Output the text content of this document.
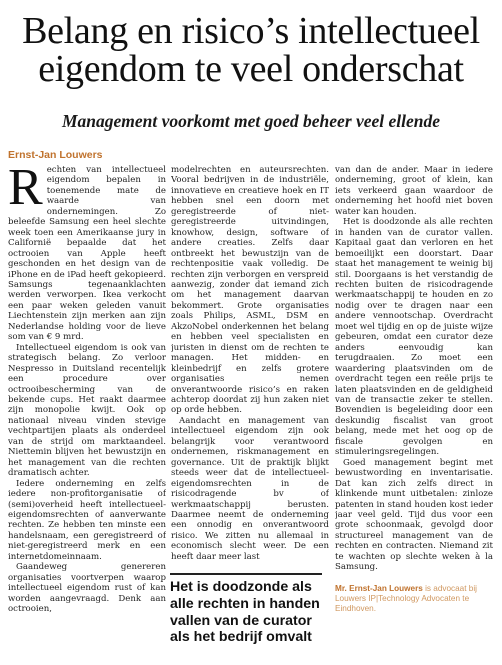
Belang en risico’s intellectueel
eigendom te veel onderschat
Management voorkomt met goed beheer veel ellende
Ernst-Jan Louwers

Rechten van intellectueel eigendom bepalen in toenemende mate de waarde van ondernemingen. Zo beleefde Samsung een heel slechte week toen een Amerikaanse jury in Californië bepaalde dat het octrooien van Apple heeft geschonden en het design van de iPhone en de iPad heeft gekopieerd. Samsungs tegenaanklachten werden verworpen. Ikea verkocht een paar weken geleden vanuit Liechtenstein zijn merken aan zijn Nederlandse holding voor de lieve som van € 9 mrd.

Intellectueel eigendom is ook van strategisch belang. Zo verloor Nespresso in Duitsland recentelijk een procedure over octrooibescherming van de bekende cups. Het raakt daarmee zijn monopolie kwijt. Ook op nationaal niveau vinden stevige vechtpartijen plaats als onderdeel van de strijd om marktaandeel. Niettemin blijven het bewustzijn en het management van die rechten dramatisch achter.

Iedere onderneming en zelfs iedere non-profitorganisatie of (semi)overheid heeft intellectueel-eigendomsrechten of aanverwante rechten. Ze hebben ten minste een handelsnaam, een geregistreerd of niet-geregistreerd merk en een internetdomeinnaam.

Gaandeweg genereren organisaties voortverpen waarop intellectueel eigendom rust of kan worden aangevraagd. Denk aan octrooien,

modelrechten en auteursrechten. Vooral bedrijven in de industriële, innovatieve en creatieve hoek en IT hebben snel een doorn met geregistreerde of niet-geregistreerde uitvindingen, knowhow, design, software of andere creaties. Zelfs daar ontbreekt het bewustzijn van de rechtenpositie vaak volledig. De rechten zijn verborgen en verspreid aanwezig, zonder dat iemand zich om het management daarvan bekommert. Grote organisaties zoals Philips, ASML, DSM en AkzoNobel onderkennen het belang en hebben veel specialisten en juristen in dienst om de rechten te managen. Het midden- en kleinbedrijf en zelfs grotere organisaties nemen onverantwoorde risico’s en raken achterop doordat zij hun zaken niet op orde hebben.

Aandacht en management van intellectueel eigendom zijn ook belangrijk voor verantwoord ondernemen, riskmanagement en governance. Uit de praktijk blijkt steeds weer dat de intellectueel-eigendomsrechten in de risicodragende bv of werkmaatschappij berusten. Daarmee neemt de onderneming een onnodig en onverantwoord risico. We zitten nu allemaal in economisch slecht weer. De een heeft daar meer last

van dan de ander. Maar in iedere onderneming, groot of klein, kan iets verkeerd gaan waardoor de onderneming het hoofd niet boven water kan houden.

Het is doodzonde als alle rechten in handen van de curator vallen. Kapitaal gaat dan verloren en het bemoeilijkt een doorstart. Daar staat het management te weinig bij stil. Doorgaans is het verstandig de rechten buiten de risicodragende werkmaatschappij te houden en zo nodig over te dragen naar een andere vennootschap. Overdracht moet wel tijdig en op de juiste wijze gebeuren, omdat een curator deze anders eenvoudig kan terugdraaien. Zo moet een waardering plaatsvinden om de overdracht tegen een reële prijs te laten plaatsvinden en de geldigheid van de transactie zeker te stellen. Bovendien is begeleiding door een deskundig fiscalist van groot belang, mede met het oog op de fiscale gevolgen en stimuleringsregelingen.

Goed management begint met bewustwording en inventarisatie. Dat kan zich zelfs direct in klinkende munt uitbetalen: zinloze patenten in stand houden kost ieder jaar veel geld. Tijd dus voor een grote schoonmaak, gevolgd door structureel management van de rechten en contracten. Niemand zit te wachten op slechte weken à la Samsung.

Het is doodzonde als
alle rechten in handen
vallen van de curator
als het bedrijf omvalt
Mr. Ernst-Jan Louwers is advocaat bij Louwers IP|Technology Advocaten te Eindhoven.
